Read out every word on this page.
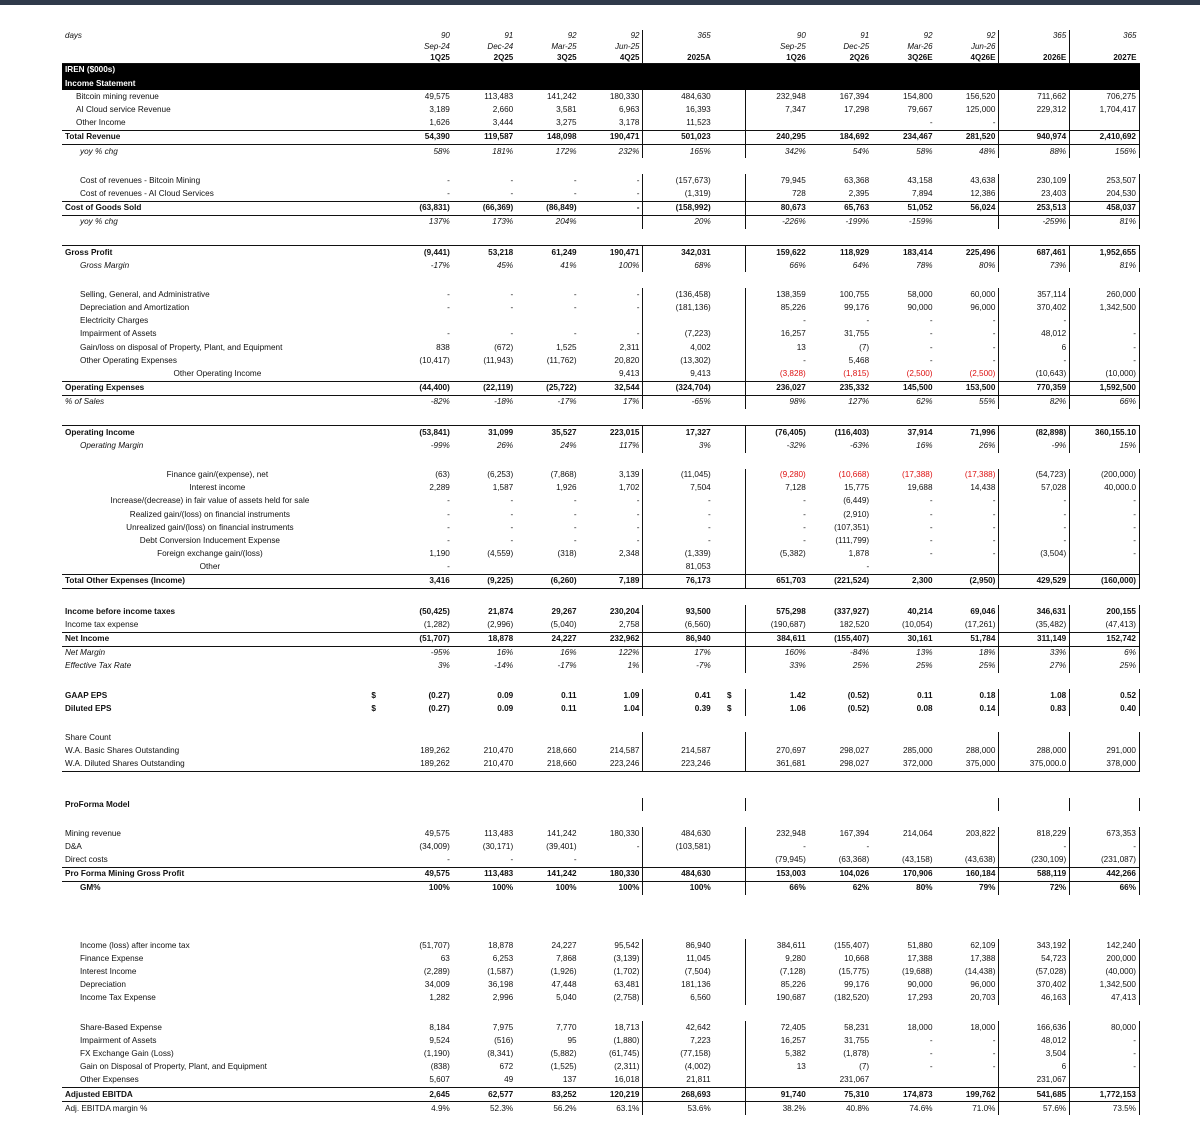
days		90	91	92	92	365		90	91	92	92	365	365
		Sep-24	Dec-24	Mar-25	Jun-25			Sep-25	Dec-25	Mar-26	Jun-26		
		1Q25	2Q25	3Q25	4Q25	2025A		1Q26	2Q26	3Q26E	4Q26E	2026E	2027E
IREN ($000s)													
Income Statement													
Bitcoin mining revenue		49,575	113,483	141,242	180,330	484,630		232,948	167,394	154,800	156,520	711,662	706,275
AI Cloud service Revenue		3,189	2,660	3,581	6,963	16,393		7,347	17,298	79,667	125,000	229,312	1,704,417
Other Income		1,626	3,444	3,275	3,178	11,523				-	-		
Total Revenue		54,390	119,587	148,098	190,471	501,023		240,295	184,692	234,467	281,520	940,974	2,410,692
yoy % chg		58%	181%	172%	232%	165%		342%	54%	58%	48%	88%	156%

Cost of revenues - Bitcoin Mining		-	-	-	-	(157,673)		79,945	63,368	43,158	43,638	230,109	253,507
Cost of revenues - AI Cloud Services		-	-	-	-	(1,319)		728	2,395	7,894	12,386	23,403	204,530
Cost of Goods Sold		(63,831)	(66,369)	(86,849)	-	(158,992)		80,673	65,763	51,052	56,024	253,513	458,037
yoy % chg		137%	173%	204%		20%		-226%	-199%	-159%		-259%	81%

Gross Profit		(9,441)	53,218	61,249	190,471	342,031		159,622	118,929	183,414	225,496	687,461	1,952,655
Gross Margin		-17%	45%	41%	100%	68%		66%	64%	78%	80%	73%	81%

Selling, General, and Administrative		-	-	-	-	(136,458)		138,359	100,755	58,000	60,000	357,114	260,000
Depreciation and Amortization		-	-	-	-	(181,136)		85,226	99,176	90,000	96,000	370,402	1,342,500
Electricity Charges								-	-	-	-	-	
Impairment of Assets		-	-	-	-	(7,223)		16,257	31,755	-	-	48,012	-
Gain/loss on disposal of Property, Plant, and Equipment		838	(672)	1,525	2,311	4,002		13	(7)	-	-	6	-
Other Operating Expenses		(10,417)	(11,943)	(11,762)	20,820	(13,302)		-	5,468	-	-	-	-
Other Operating Income					9,413	9,413		(3,828)	(1,815)	(2,500)	(2,500)	(10,643)	(10,000)
Operating Expenses		(44,400)	(22,119)	(25,722)	32,544	(324,704)		236,027	235,332	145,500	153,500	770,359	1,592,500
% of Sales		-82%	-18%	-17%	17%	-65%		98%	127%	62%	55%	82%	66%

Operating Income		(53,841)	31,099	35,527	223,015	17,327		(76,405)	(116,403)	37,914	71,996	(82,898)	360,155.10
Operating Margin		-99%	26%	24%	117%	3%		-32%	-63%	16%	26%	-9%	15%

Finance gain/(expense), net		(63)	(6,253)	(7,868)	3,139	(11,045)		(9,280)	(10,668)	(17,388)	(17,388)	(54,723)	(200,000)
Interest income		2,289	1,587	1,926	1,702	7,504		7,128	15,775	19,688	14,438	57,028	40,000.0
Increase/(decrease) in fair value of assets held for sale		-	-	-	-	-		-	(6,449)	-	-	-	-
Realized gain/(loss) on financial instruments		-	-	-	-	-		-	(2,910)	-	-	-	-
Unrealized gain/(loss) on financial instruments		-	-	-	-	-		-	(107,351)	-	-	-	-
Debt Conversion Inducement Expense		-	-	-	-	-		-	(111,799)	-	-	-	-
Foreign exchange gain/(loss)		1,190	(4,559)	(318)	2,348	(1,339)		(5,382)	1,878	-	-	(3,504)	-
Other		-				81,053			-				
Total Other Expenses (Income)		3,416	(9,225)	(6,260)	7,189	76,173		651,703	(221,524)	2,300	(2,950)	429,529	(160,000)

Income before income taxes		(50,425)	21,874	29,267	230,204	93,500		575,298	(337,927)	40,214	69,046	346,631	200,155
Income tax expense		(1,282)	(2,996)	(5,040)	2,758	(6,560)		(190,687)	182,520	(10,054)	(17,261)	(35,482)	(47,413)
Net Income		(51,707)	18,878	24,227	232,962	86,940		384,611	(155,407)	30,161	51,784	311,149	152,742
Net Margin		-95%	16%	16%	122%	17%		160%	-84%	13%	18%	33%	6%
Effective Tax Rate		3%	-14%	-17%	1%	-7%		33%	25%	25%	25%	27%	25%

GAAP EPS	$	(0.27)	0.09	0.11	1.09	0.41	$	1.42	(0.52)	0.11	0.18	1.08	0.52
Diluted EPS	$	(0.27)	0.09	0.11	1.04	0.39	$	1.06	(0.52)	0.08	0.14	0.83	0.40

Share Count													
W.A. Basic Shares Outstanding		189,262	210,470	218,660	214,587	214,587		270,697	298,027	285,000	288,000	288,000	291,000
W.A. Diluted Shares Outstanding		189,262	210,470	218,660	223,246	223,246		361,681	298,027	372,000	375,000	375,000.0	378,000

ProForma Model													

Mining revenue		49,575	113,483	141,242	180,330	484,630		232,948	167,394	214,064	203,822	818,229	673,353
D&A		(34,009)	(30,171)	(39,401)	-	(103,581)		-	-			-	-
Direct costs		-	-	-				(79,945)	(63,368)	(43,158)	(43,638)	(230,109)	(231,087)
Pro Forma Mining Gross Profit		49,575	113,483	141,242	180,330	484,630		153,003	104,026	170,906	160,184	588,119	442,266
GM%		100%	100%	100%	100%	100%		66%	62%	80%	79%	72%	66%

Income (loss) after income tax		(51,707)	18,878	24,227	95,542	86,940		384,611	(155,407)	51,880	62,109	343,192	142,240
Finance Expense		63	6,253	7,868	(3,139)	11,045		9,280	10,668	17,388	17,388	54,723	200,000
Interest Income		(2,289)	(1,587)	(1,926)	(1,702)	(7,504)		(7,128)	(15,775)	(19,688)	(14,438)	(57,028)	(40,000)
Depreciation		34,009	36,198	47,448	63,481	181,136		85,226	99,176	90,000	96,000	370,402	1,342,500
Income Tax Expense		1,282	2,996	5,040	(2,758)	6,560		190,687	(182,520)	17,293	20,703	46,163	47,413

Share-Based Expense		8,184	7,975	7,770	18,713	42,642		72,405	58,231	18,000	18,000	166,636	80,000
Impairment of Assets		9,524	(516)	95	(1,880)	7,223		16,257	31,755	-	-	48,012	-
FX Exchange Gain (Loss)		(1,190)	(8,341)	(5,882)	(61,745)	(77,158)		5,382	(1,878)	-	-	3,504	-
Gain on Disposal of Property, Plant, and Equipment		(838)	672	(1,525)	(2,311)	(4,002)		13	(7)	-	-	6	-
Other Expenses		5,607	49	137	16,018	21,811			231,067			231,067	
Adjusted EBITDA		2,645	62,577	83,252	120,219	268,693		91,740	75,310	174,873	199,762	541,685	1,772,153
Adj. EBITDA margin %		4.9%	52.3%	56.2%	63.1%	53.6%		38.2%	40.8%	74.6%	71.0%	57.6%	73.5%
